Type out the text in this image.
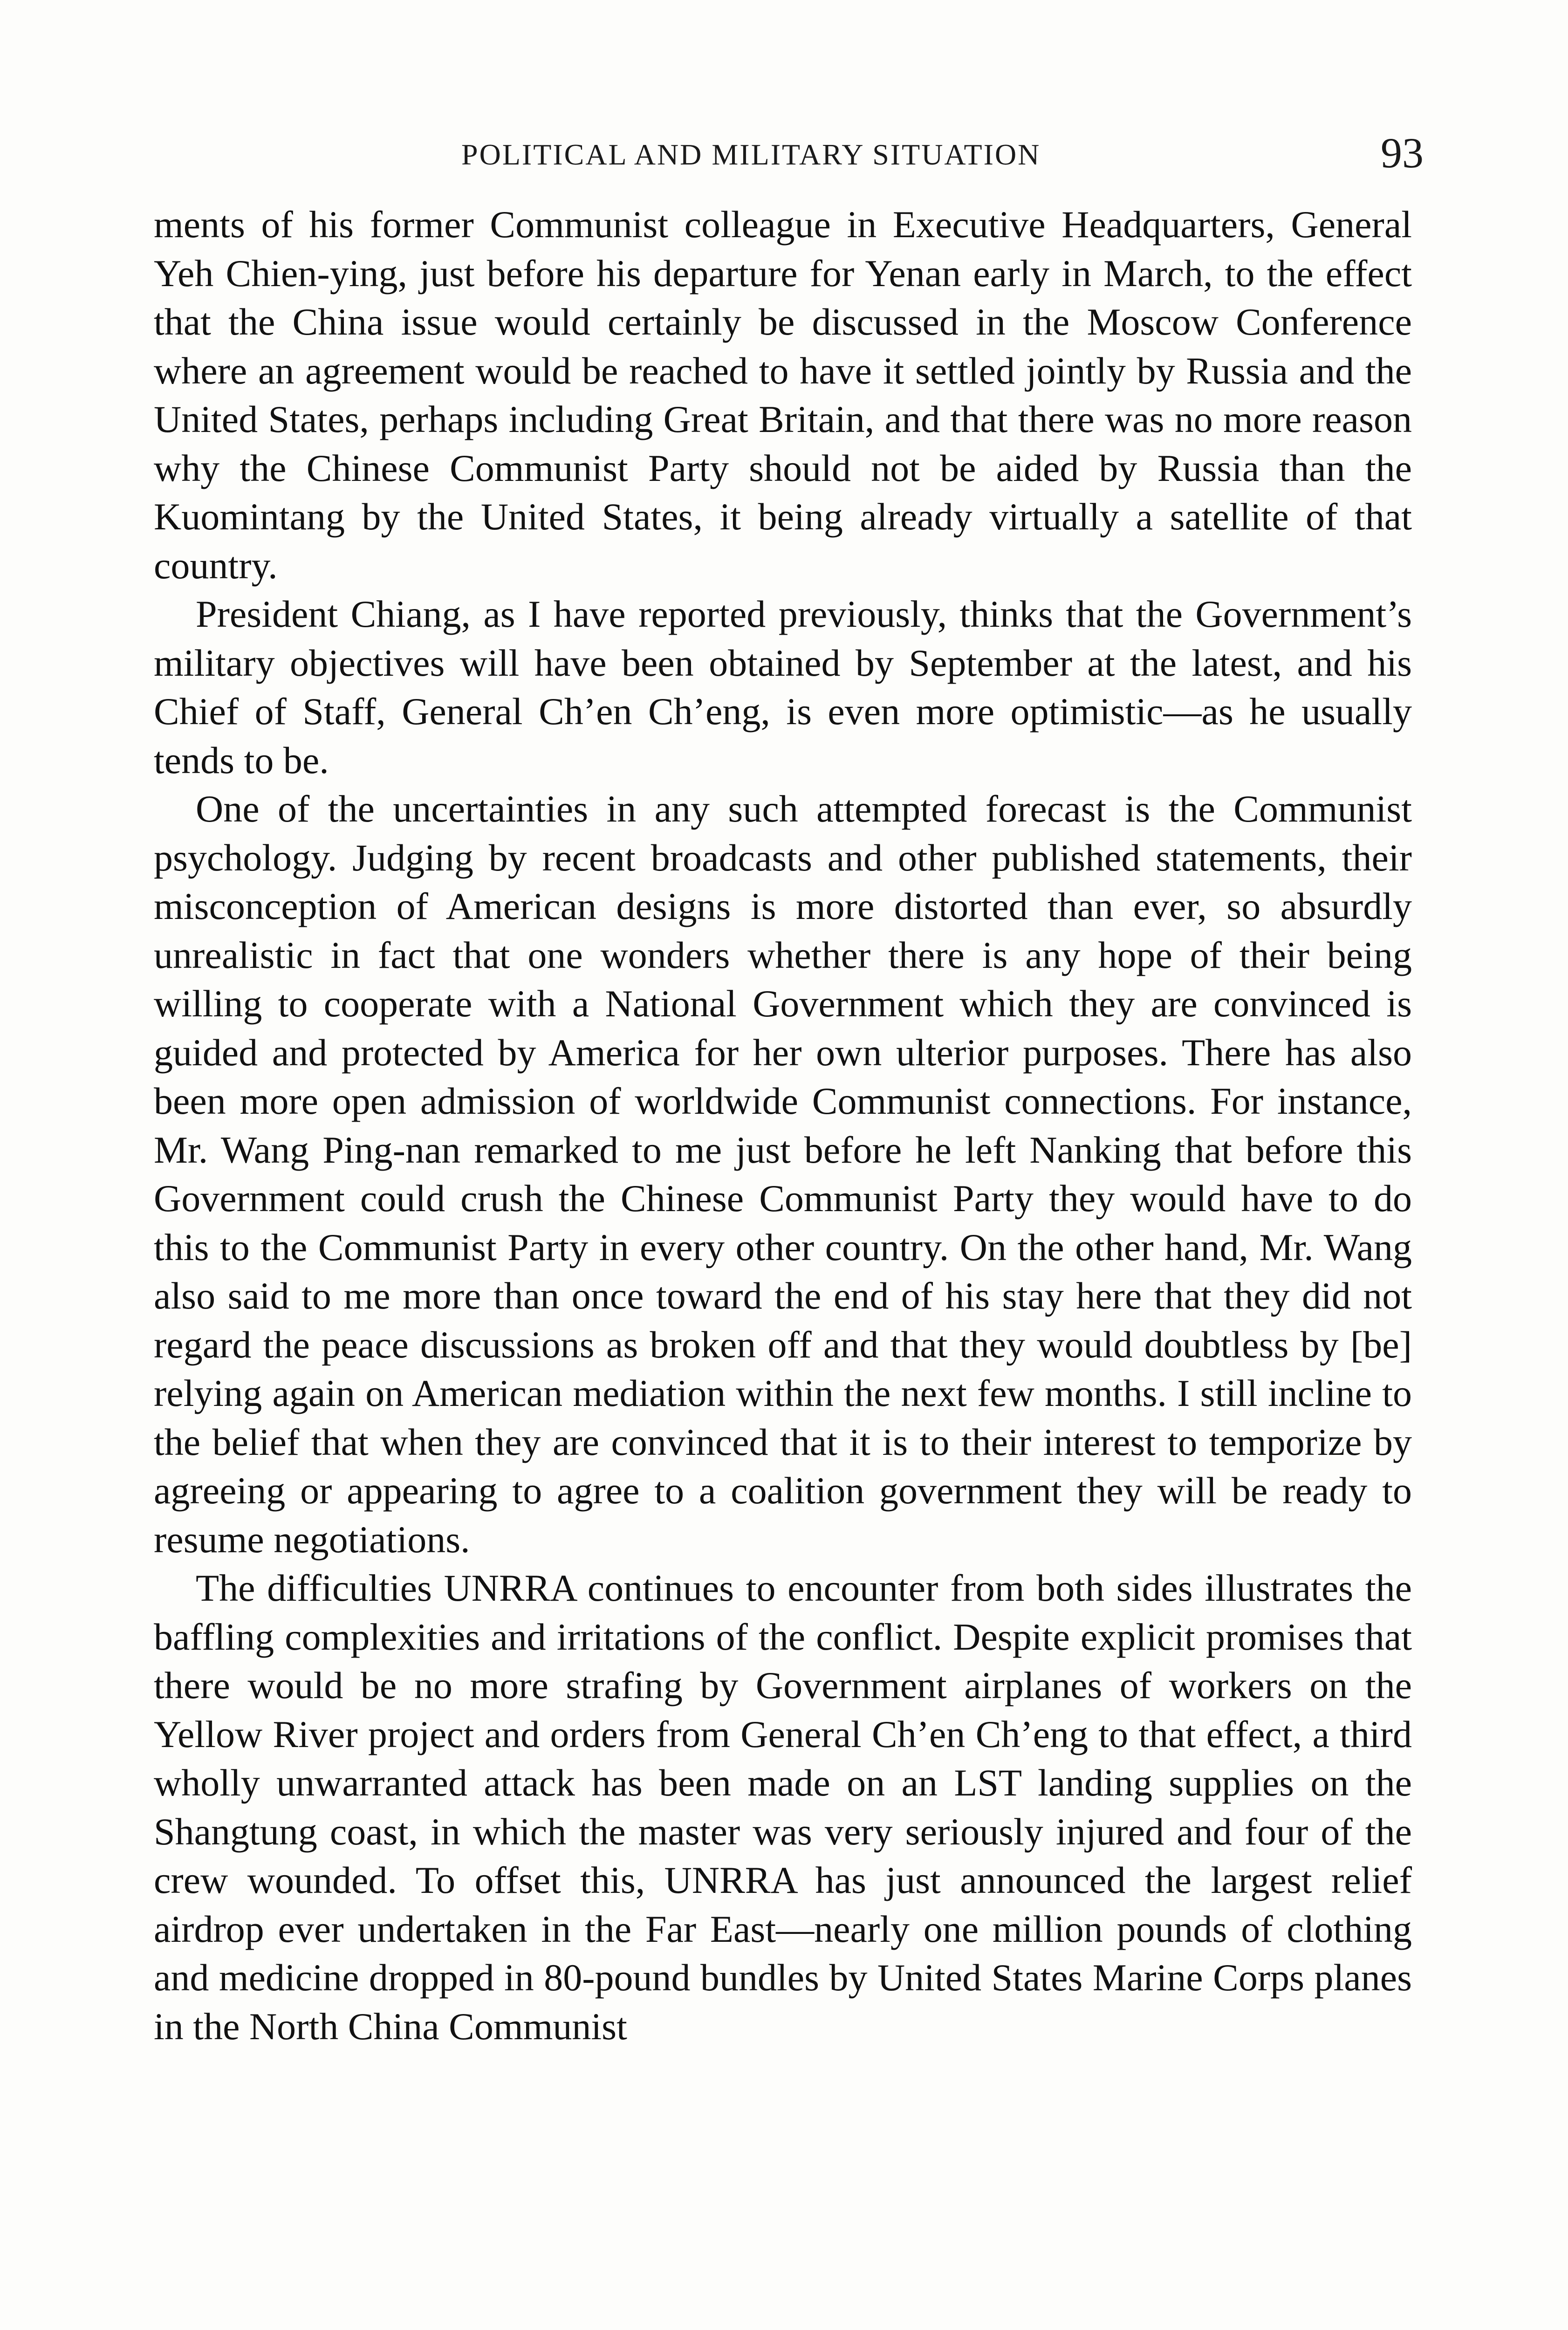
POLITICAL AND MILITARY SITUATION	93

ments of his former Communist colleague in Executive Headquarters, General Yeh Chien-ying, just before his departure for Yenan early in March, to the effect that the China issue would certainly be discussed in the Moscow Conference where an agreement would be reached to have it settled jointly by Russia and the United States, perhaps including Great Britain, and that there was no more reason why the Chinese Communist Party should not be aided by Russia than the Kuomintang by the United States, it being already virtually a satellite of that country.

President Chiang, as I have reported previously, thinks that the Government’s military objectives will have been obtained by September at the latest, and his Chief of Staff, General Ch’en Ch’eng, is even more optimistic—as he usually tends to be.

One of the uncertainties in any such attempted forecast is the Communist psychology. Judging by recent broadcasts and other published statements, their misconception of American designs is more distorted than ever, so absurdly unrealistic in fact that one wonders whether there is any hope of their being willing to cooperate with a National Government which they are convinced is guided and protected by America for her own ulterior purposes. There has also been more open admission of worldwide Communist connections. For instance, Mr. Wang Ping-nan remarked to me just before he left Nanking that before this Government could crush the Chinese Communist Party they would have to do this to the Communist Party in every other country. On the other hand, Mr. Wang also said to me more than once toward the end of his stay here that they did not regard the peace discussions as broken off and that they would doubtless by [be] relying again on American mediation within the next few months. I still incline to the belief that when they are convinced that it is to their interest to temporize by agreeing or appearing to agree to a coalition government they will be ready to resume negotiations.

The difficulties UNRRA continues to encounter from both sides illustrates the baffling complexities and irritations of the conflict. Despite explicit promises that there would be no more strafing by Government airplanes of workers on the Yellow River project and orders from General Ch’en Ch’eng to that effect, a third wholly unwarranted attack has been made on an LST landing supplies on the Shangtung coast, in which the master was very seriously injured and four of the crew wounded. To offset this, UNRRA has just announced the largest relief airdrop ever undertaken in the Far East—nearly one million pounds of clothing and medicine dropped in 80-pound bundles by United States Marine Corps planes in the North China Communist
